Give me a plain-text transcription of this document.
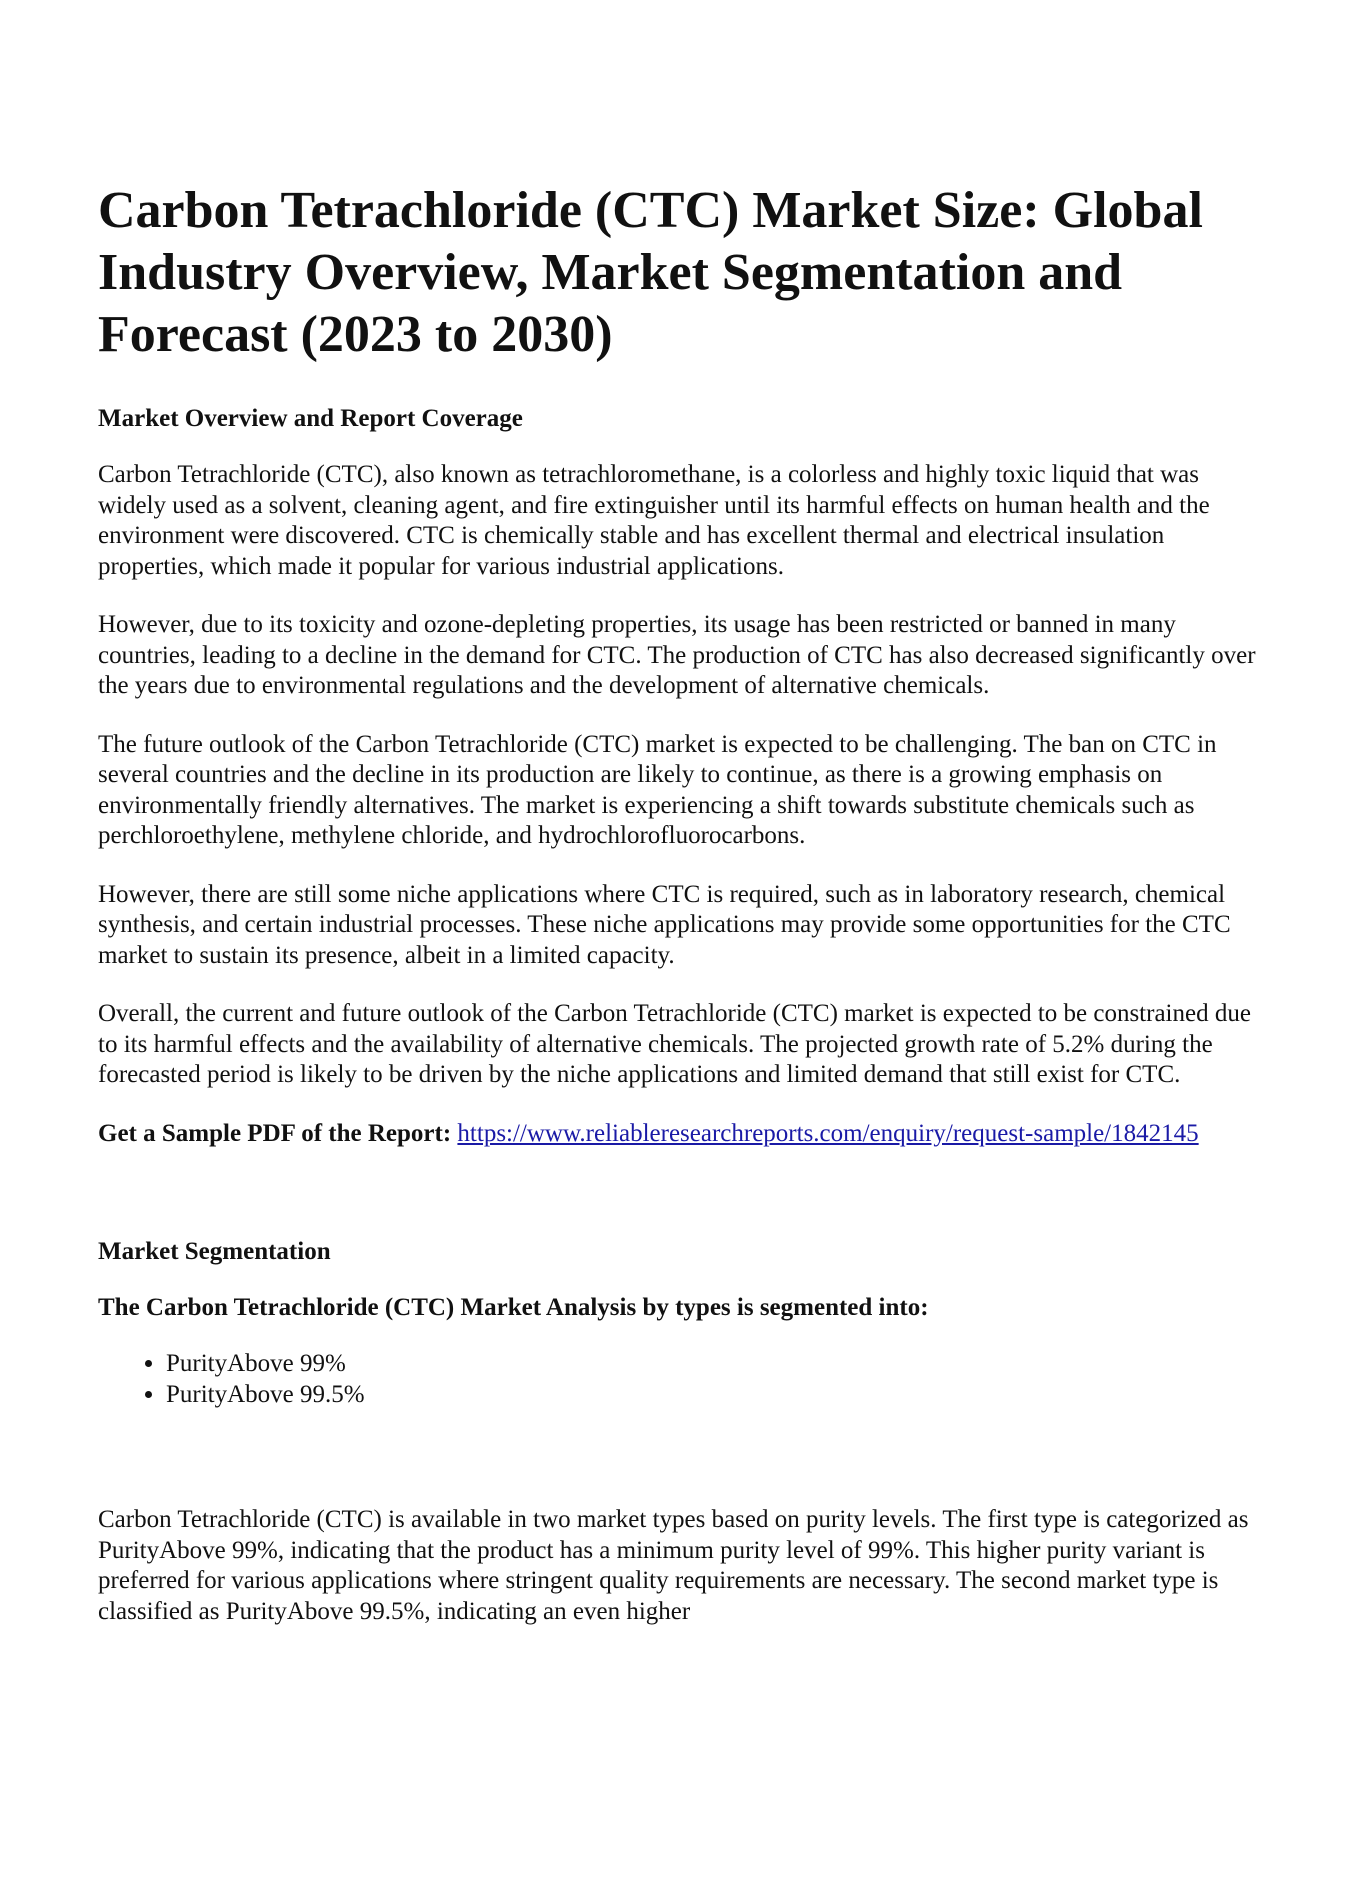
Carbon Tetrachloride (CTC) Market Size: Global Industry Overview, Market Segmentation and Forecast (2023 to 2030)
Market Overview and Report Coverage

Carbon Tetrachloride (CTC), also known as tetrachloromethane, is a colorless and highly toxic liquid that was widely used as a solvent, cleaning agent, and fire extinguisher until its harmful effects on human health and the environment were discovered. CTC is chemically stable and has excellent thermal and electrical insulation properties, which made it popular for various industrial applications.

However, due to its toxicity and ozone-depleting properties, its usage has been restricted or banned in many countries, leading to a decline in the demand for CTC. The production of CTC has also decreased significantly over the years due to environmental regulations and the development of alternative chemicals.

The future outlook of the Carbon Tetrachloride (CTC) market is expected to be challenging. The ban on CTC in several countries and the decline in its production are likely to continue, as there is a growing emphasis on environmentally friendly alternatives. The market is experiencing a shift towards substitute chemicals such as perchloroethylene, methylene chloride, and hydrochlorofluorocarbons.

However, there are still some niche applications where CTC is required, such as in laboratory research, chemical synthesis, and certain industrial processes. These niche applications may provide some opportunities for the CTC market to sustain its presence, albeit in a limited capacity.

Overall, the current and future outlook of the Carbon Tetrachloride (CTC) market is expected to be constrained due to its harmful effects and the availability of alternative chemicals. The projected growth rate of 5.2% during the forecasted period is likely to be driven by the niche applications and limited demand that still exist for CTC.

Get a Sample PDF of the Report: https://www.reliableresearchreports.com/enquiry/request-sample/1842145
Market Segmentation
The Carbon Tetrachloride (CTC) Market Analysis by types is segmented into:
• PurityAbove 99%
• PurityAbove 99.5%

Carbon Tetrachloride (CTC) is available in two market types based on purity levels. The first type is categorized as PurityAbove 99%, indicating that the product has a minimum purity level of 99%. This higher purity variant is preferred for various applications where stringent quality requirements are necessary. The second market type is classified as PurityAbove 99.5%, indicating an even higher
